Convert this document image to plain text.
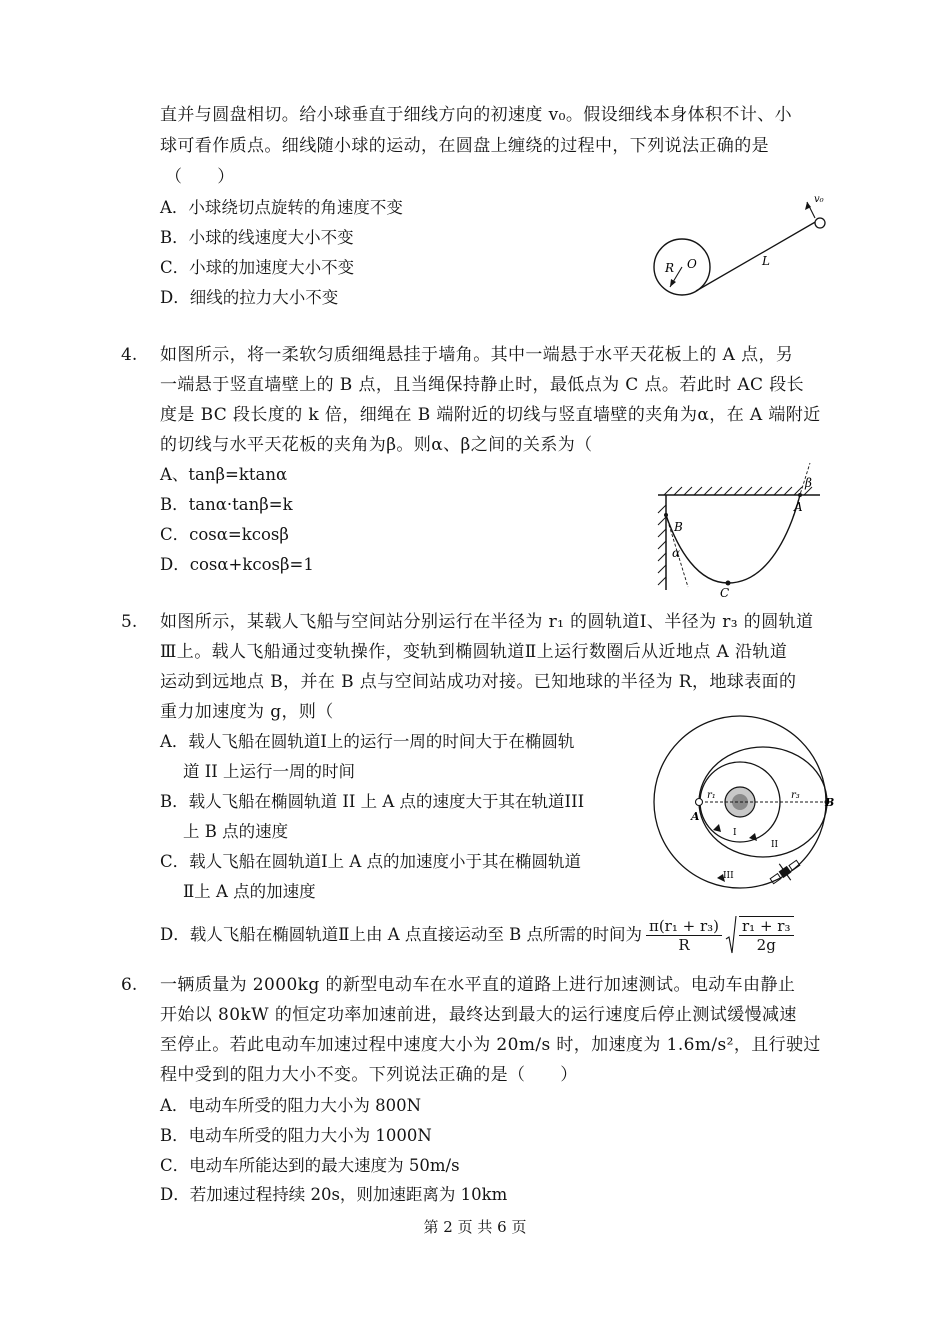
直并与圆盘相切。给小球垂直于细线方向的初速度 v₀。假设细线本身体积不计、小
球可看作质点。细线随小球的运动，在圆盘上缠绕的过程中，下列说法正确的是
（　　）
A．小球绕切点旋转的角速度不变
B．小球的线速度大小不变
C．小球的加速度大小不变
D．细线的拉力大小不变
v₀
R O	L
4. 如图所示，将一柔软匀质细绳悬挂于墙角。其中一端悬于水平天花板上的 A 点，另
一端悬于竖直墙壁上的 B 点，且当绳保持静止时，最低点为 C 点。若此时 AC 段长
度是 BC 段长度的 k 倍，细绳在 B 端附近的切线与竖直墙壁的夹角为α，在 A 端附近
的切线与水平天花板的夹角为β。则α、β之间的关系为（
A、tanβ=ktanα
B．tanα·tanβ=k
C．cosα=kcosβ
D．cosα+kcosβ=1
A
B
C
α
β
5. 如图所示，某载人飞船与空间站分别运行在半径为 r₁ 的圆轨道Ⅰ、半径为 r₃ 的圆轨道
Ⅲ上。载人飞船通过变轨操作，变轨到椭圆轨道Ⅱ上运行数圈后从近地点 A 沿轨道
运动到远地点 B，并在 B 点与空间站成功对接。已知地球的半径为 R，地球表面的
重力加速度为 g，则（
A．载人飞船在圆轨道Ⅰ上的运行一周的时间大于在椭圆轨
道 II 上运行一周的时间
B．载人飞船在椭圆轨道 II 上 A 点的速度大于其在轨道III
上 B 点的速度
C．载人飞船在圆轨道Ⅰ上 A 点的加速度小于其在椭圆轨道
Ⅱ上 A 点的加速度
D．载人飞船在椭圆轨道Ⅱ上由 A 点直接运动至 B 点所需的时间为 $\frac{\text{π(r₁ + r₃)}}{R} \frac{\text{r₁ + r₃}}{2g}$
A
B
r₁	r₃
I
II
III
6. 一辆质量为 2000kg 的新型电动车在水平直的道路上进行加速测试。电动车由静止
开始以 80kW 的恒定功率加速前进，最终达到最大的运行速度后停止测试缓慢减速
至停止。若此电动车加速过程中速度大小为 20m/s 时，加速度为 1.6m/s²，且行驶过
程中受到的阻力大小不变。下列说法正确的是（　　）
A．电动车所受的阻力大小为 800N
B．电动车所受的阻力大小为 1000N
C．电动车所能达到的最大速度为 50m/s
D．若加速过程持续 20s，则加速距离为 10km
第 2 页 共 6 页
